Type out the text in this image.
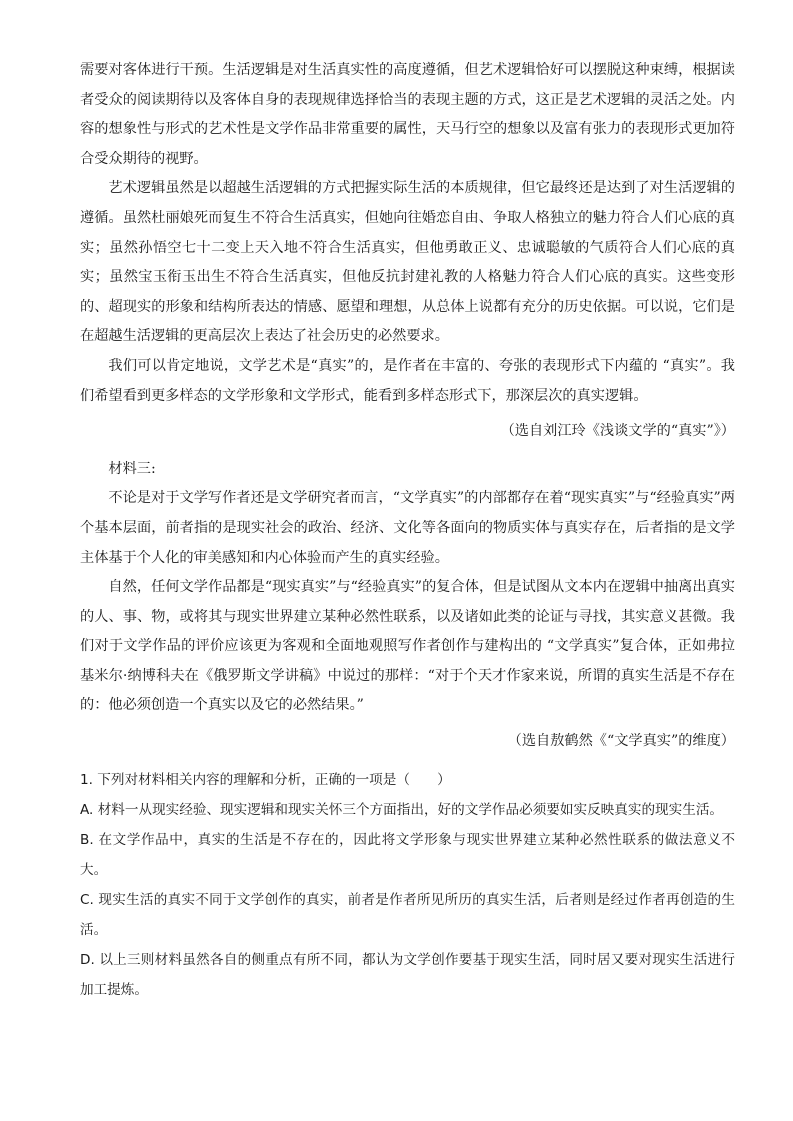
需要对客体进行干预。生活逻辑是对生活真实性的高度遵循，但艺术逻辑恰好可以摆脱这种束缚，根据读者受众的阅读期待以及客体自身的表现规律选择恰当的表现主题的方式，这正是艺术逻辑的灵活之处。内容的想象性与形式的艺术性是文学作品非常重要的属性，天马行空的想象以及富有张力的表现形式更加符合受众期待的视野。

艺术逻辑虽然是以超越生活逻辑的方式把握实际生活的本质规律，但它最终还是达到了对生活逻辑的遵循。虽然杜丽娘死而复生不符合生活真实，但她向往婚恋自由、争取人格独立的魅力符合人们心底的真实；虽然孙悟空七十二变上天入地不符合生活真实，但他勇敢正义、忠诚聪敏的气质符合人们心底的真实；虽然宝玉衔玉出生不符合生活真实，但他反抗封建礼教的人格魅力符合人们心底的真实。这些变形的、超现实的形象和结构所表达的情感、愿望和理想，从总体上说都有充分的历史依据。可以说，它们是在超越生活逻辑的更高层次上表达了社会历史的必然要求。

我们可以肯定地说，文学艺术是“真实”的，是作者在丰富的、夸张的表现形式下内蕴的 “真实”。我们希望看到更多样态的文学形象和文学形式，能看到多样态形式下，那深层次的真实逻辑。

（选自刘江玲《浅谈文学的“真实”》）

材料三:

不论是对于文学写作者还是文学研究者而言，“文学真实”的内部都存在着“现实真实”与“经验真实”两个基本层面，前者指的是现实社会的政治、经济、文化等各面向的物质实体与真实存在，后者指的是文学主体基于个人化的审美感知和内心体验而产生的真实经验。

自然，任何文学作品都是“现实真实”与“经验真实”的复合体，但是试图从文本内在逻辑中抽离出真实的人、事、物，或将其与现实世界建立某种必然性联系，以及诸如此类的论证与寻找，其实意义甚微。我们对于文学作品的评价应该更为客观和全面地观照写作者创作与建构出的 “文学真实”复合体，正如弗拉基米尔·纳博科夫在《俄罗斯文学讲稿》中说过的那样：“对于个天才作家来说，所谓的真实生活是不存在的：他必须创造一个真实以及它的必然结果。”

（选自敖鹤然《“文学真实”的维度）

1. 下列对材料相关内容的理解和分析，正确的一项是（　　）

A. 材料一从现实经验、现实逻辑和现实关怀三个方面指出，好的文学作品必须要如实反映真实的现实生活。

B. 在文学作品中，真实的生活是不存在的，因此将文学形象与现实世界建立某种必然性联系的做法意义不大。

C. 现实生活的真实不同于文学创作的真实，前者是作者所见所历的真实生活，后者则是经过作者再创造的生活。

D. 以上三则材料虽然各自的侧重点有所不同，都认为文学创作要基于现实生活，同时居又要对现实生活进行加工提炼。
